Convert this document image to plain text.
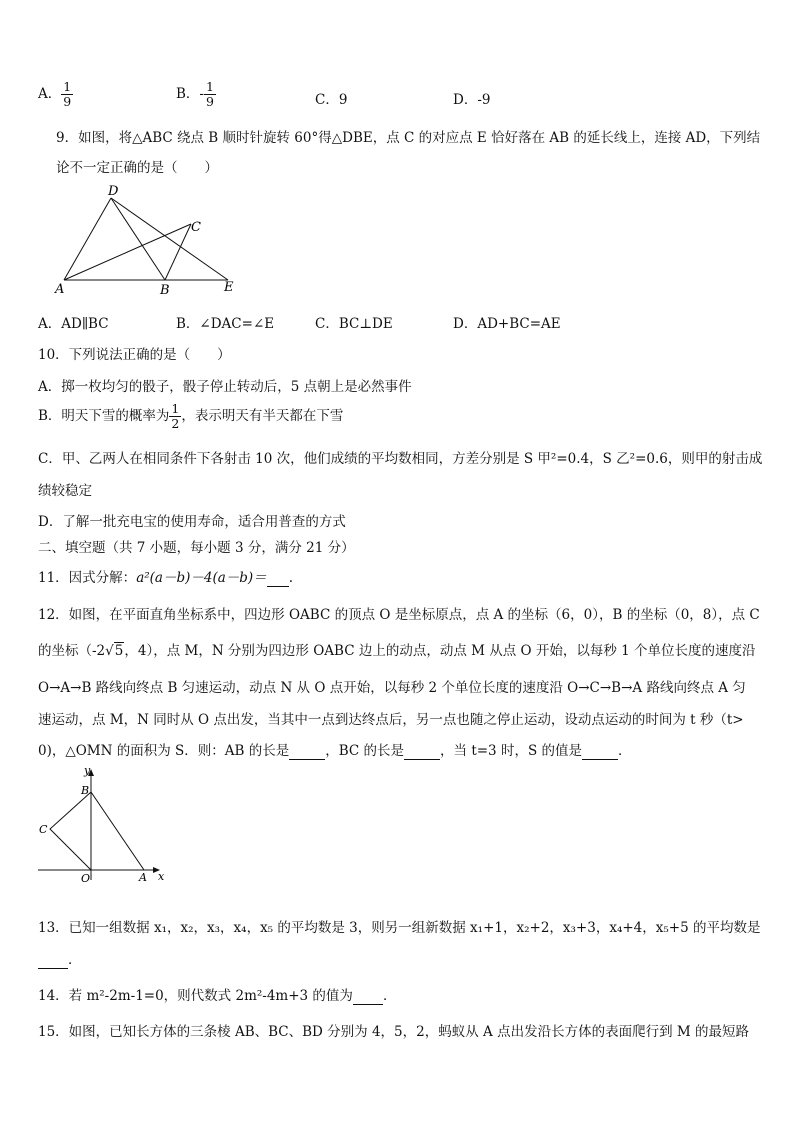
A． $\frac{1}{9}$	B．- $\frac{1}{9}$	C．9	D．-9
9．如图，将△ABC 绕点 B 顺时针旋转 60°得△DBE，点 C 的对应点 E 恰好落在 AB 的延长线上，连接 AD，下列结
论不一定正确的是（　　）
D
C
A	B	E
A．AD∥BC	B．∠DAC=∠E	C．BC⊥DE	D．AD+BC=AE
10．下列说法正确的是（　　）
A．掷一枚均匀的骰子，骰子停止转动后，5 点朝上是必然事件
B．明天下雪的概率为 $\frac{1}{2}$ ，表示明天有半天都在下雪
C．甲、乙两人在相同条件下各射击 10 次，他们成绩的平均数相同，方差分别是 S 甲²=0.4，S 乙²=0.6，则甲的射击成
绩较稳定
D．了解一批充电宝的使用寿命，适合用普查的方式
二、填空题（共 7 小题，每小题 3 分，满分 21 分）
11．因式分解：a²(a－b)－4(a－b)＝ .
12．如图，在平面直角坐标系中，四边形 OABC 的顶点 O 是坐标原点，点 A 的坐标（6，0），B 的坐标（0，8），点 C
的坐标（-2√5，4），点 M，N 分别为四边形 OABC 边上的动点，动点 M 从点 O 开始，以每秒 1 个单位长度的速度沿
O→A→B 路线向终点 B 匀速运动，动点 N 从 O 点开始，以每秒 2 个单位长度的速度沿 O→C→B→A 路线向终点 A 匀
速运动，点 M，N 同时从 O 点出发，当其中一点到达终点后，另一点也随之停止运动，设动点运动的时间为 t 秒（t>
0)，△OMN 的面积为 S．则：AB 的长是	，BC 的长是	，当 t=3 时，S 的值是	．
y
x
B
C
O	A
13．已知一组数据 x₁，x₂，x₃，x₄，x₅ 的平均数是 3，则另一组新数据 x₁+1，x₂+2，x₃+3，x₄+4，x₅+5 的平均数是
．
14．若 m²-2m-1=0，则代数式 2m²-4m+3 的值为 ．
15．如图，已知长方体的三条棱 AB、BC、BD 分别为 4，5，2，蚂蚁从 A 点出发沿长方体的表面爬行到 M 的最短路
